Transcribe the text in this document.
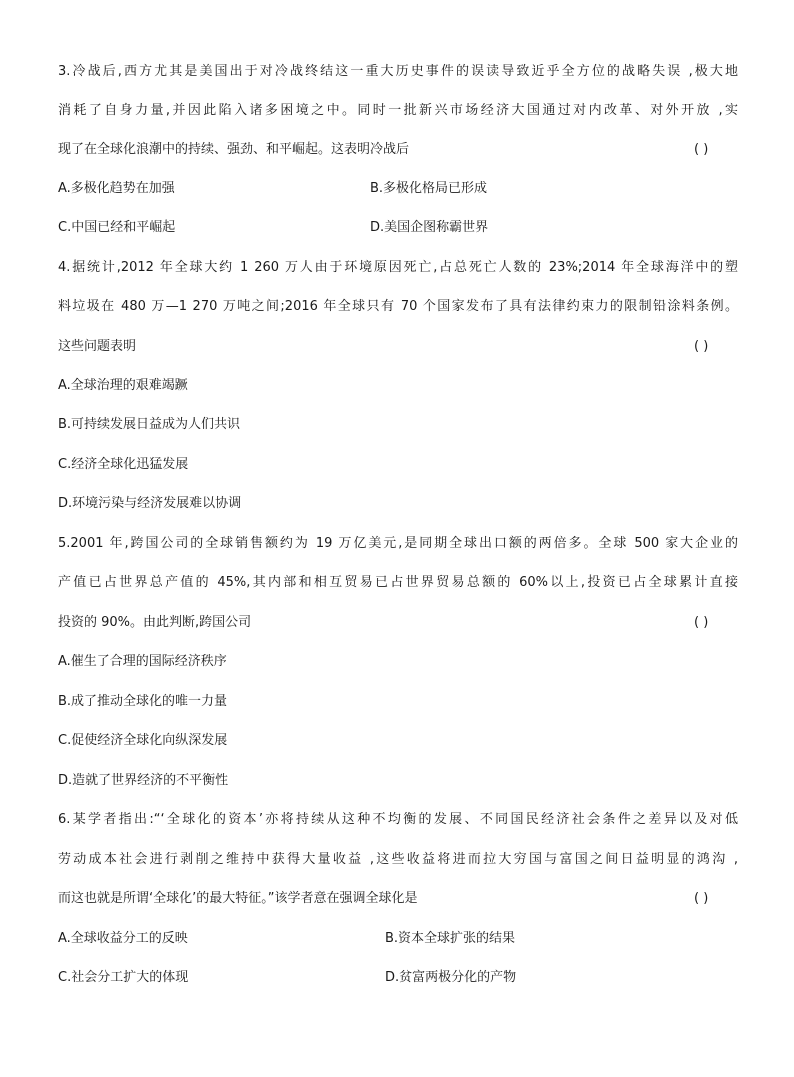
3.冷战后,西方尤其是美国出于对冷战终结这一重大历史事件的误读导致近乎全方位的战略失误 ,极大地
消耗了自身力量,并因此陷入诸多困境之中。同时一批新兴市场经济大国通过对内改革、对外开放 ,实
现了在全球化浪潮中的持续、强劲、和平崛起。这表明冷战后	( )
A.多极化趋势在加强	B.多极化格局已形成
C.中国已经和平崛起	D.美国企图称霸世界
4.据统计,2012 年全球大约 1 260 万人由于环境原因死亡,占总死亡人数的 23%;2014 年全球海洋中的塑
料垃圾在 480 万—1 270 万吨之间;2016 年全球只有 70 个国家发布了具有法律约束力的限制铅涂料条例。
这些问题表明	( )
A.全球治理的艰难竭蹶
B.可持续发展日益成为人们共识
C.经济全球化迅猛发展
D.环境污染与经济发展难以协调
5.2001 年,跨国公司的全球销售额约为 19 万亿美元,是同期全球出口额的两倍多。全球 500 家大企业的
产值已占世界总产值的 45%,其内部和相互贸易已占世界贸易总额的 60%以上,投资已占全球累计直接
投资的 90%。由此判断,跨国公司	( )
A.催生了合理的国际经济秩序
B.成了推动全球化的唯一力量
C.促使经济全球化向纵深发展
D.造就了世界经济的不平衡性
6.某学者指出:“‘全球化的资本’亦将持续从这种不均衡的发展、不同国民经济社会条件之差异以及对低
劳动成本社会进行剥削之维持中获得大量收益 ,这些收益将进而拉大穷国与富国之间日益明显的鸿沟 ,
而这也就是所谓‘全球化’的最大特征。”该学者意在强调全球化是	( )
A.全球收益分工的反映	B.资本全球扩张的结果
C.社会分工扩大的体现	D.贫富两极分化的产物
